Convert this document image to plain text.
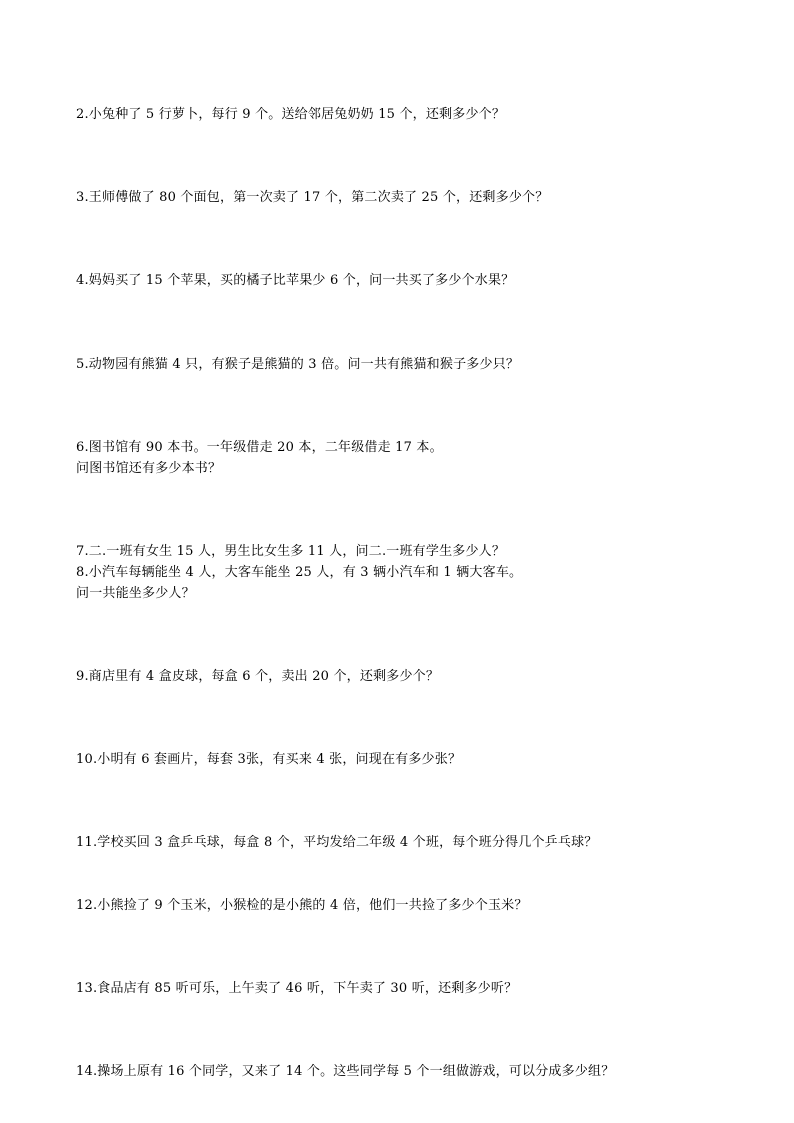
2.小兔种了 5 行萝卜，每行 9 个。送给邻居兔奶奶 15 个，还剩多少个？
3.王师傅做了 80 个面包，第一次卖了 17 个，第二次卖了 25 个，还剩多少个？
4.妈妈买了 15 个苹果，买的橘子比苹果少 6 个，问一共买了多少个水果？
5.动物园有熊猫 4 只，有猴子是熊猫的 3 倍。问一共有熊猫和猴子多少只？
6.图书馆有 90 本书。一年级借走 20 本，二年级借走 17 本。
问图书馆还有多少本书？
7.二.一班有女生 15 人，男生比女生多 11 人，问二.一班有学生多少人？
8.小汽车每辆能坐 4 人，大客车能坐 25 人，有 3 辆小汽车和 1 辆大客车。
问一共能坐多少人？
9.商店里有 4 盒皮球，每盒 6 个，卖出 20 个，还剩多少个？
10.小明有 6 套画片，每套 3张，有买来 4 张，问现在有多少张？
11.学校买回 3 盒乒乓球，每盒 8 个，平均发给二年级 4 个班，每个班分得几个乒乓球？
12.小熊捡了 9 个玉米，小猴检的是小熊的 4 倍，他们一共捡了多少个玉米？
13.食品店有 85 听可乐，上午卖了 46 听，下午卖了 30 听，还剩多少听？
14.操场上原有 16 个同学，又来了 14 个。这些同学每 5 个一组做游戏，可以分成多少组？
